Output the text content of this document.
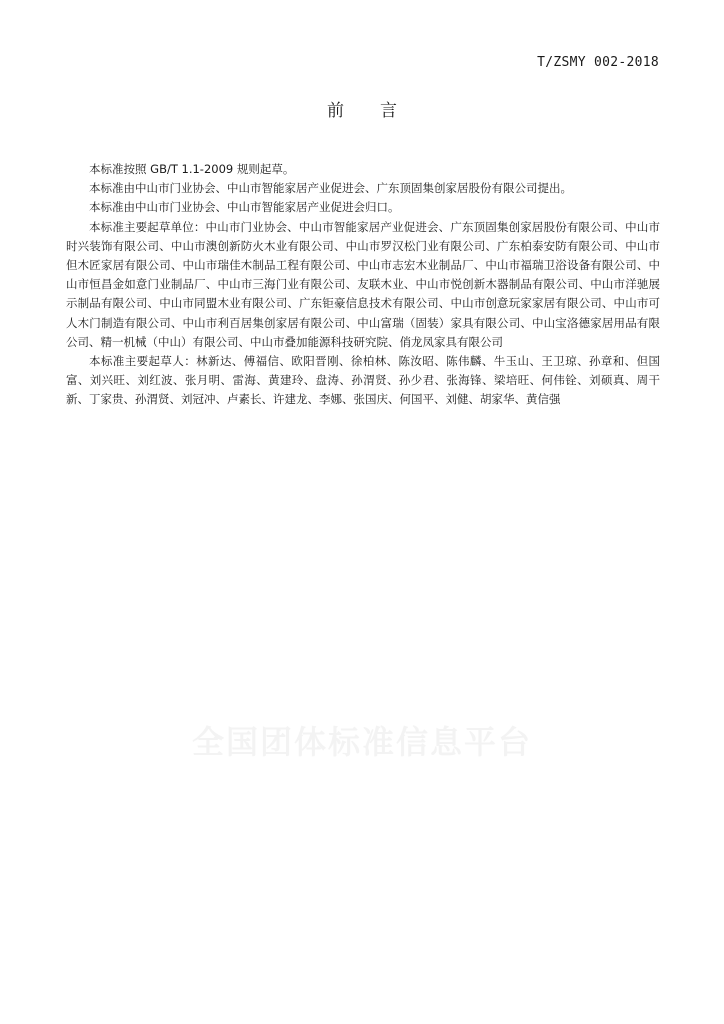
T/ZSMY 002-2018
前言

本标准按照 GB/T 1.1-2009 规则起草。

本标准由中山市门业协会、中山市智能家居产业促进会、广东顶固集创家居股份有限公司提出。

本标准由中山市门业协会、中山市智能家居产业促进会归口。

本标准主要起草单位：中山市门业协会、中山市智能家居产业促进会、广东顶固集创家居股份有限公司、中山市时兴装饰有限公司、中山市澳创新防火木业有限公司、中山市罗汉松门业有限公司、广东柏泰安防有限公司、中山市但木匠家居有限公司、中山市瑞佳木制品工程有限公司、中山市志宏木业制品厂、中山市福瑞卫浴设备有限公司、中山市恒昌金如意门业制品厂、中山市三海门业有限公司、友联木业、中山市悦创新木器制品有限公司、中山市洋驰展示制品有限公司、中山市同盟木业有限公司、广东钜豪信息技术有限公司、中山市创意玩家家居有限公司、中山市可人木门制造有限公司、中山市利百居集创家居有限公司、中山富瑞（固装）家具有限公司、中山宝洛德家居用品有限公司、精一机械（中山）有限公司、中山市叠加能源科技研究院、俏龙凤家具有限公司

本标准主要起草人：林新达、傅福信、欧阳晋刚、徐柏林、陈汝昭、陈伟麟、牛玉山、王卫琼、孙章和、但国富、刘兴旺、刘红波、张月明、雷海、黄建玲、盘涛、孙渭贤、孙少君、张海锋、梁培旺、何伟铨、刘硕真、周干新、丁家贵、孙渭贤、刘冠冲、卢素长、许建龙、李娜、张国庆、何国平、刘健、胡家华、黄信强
